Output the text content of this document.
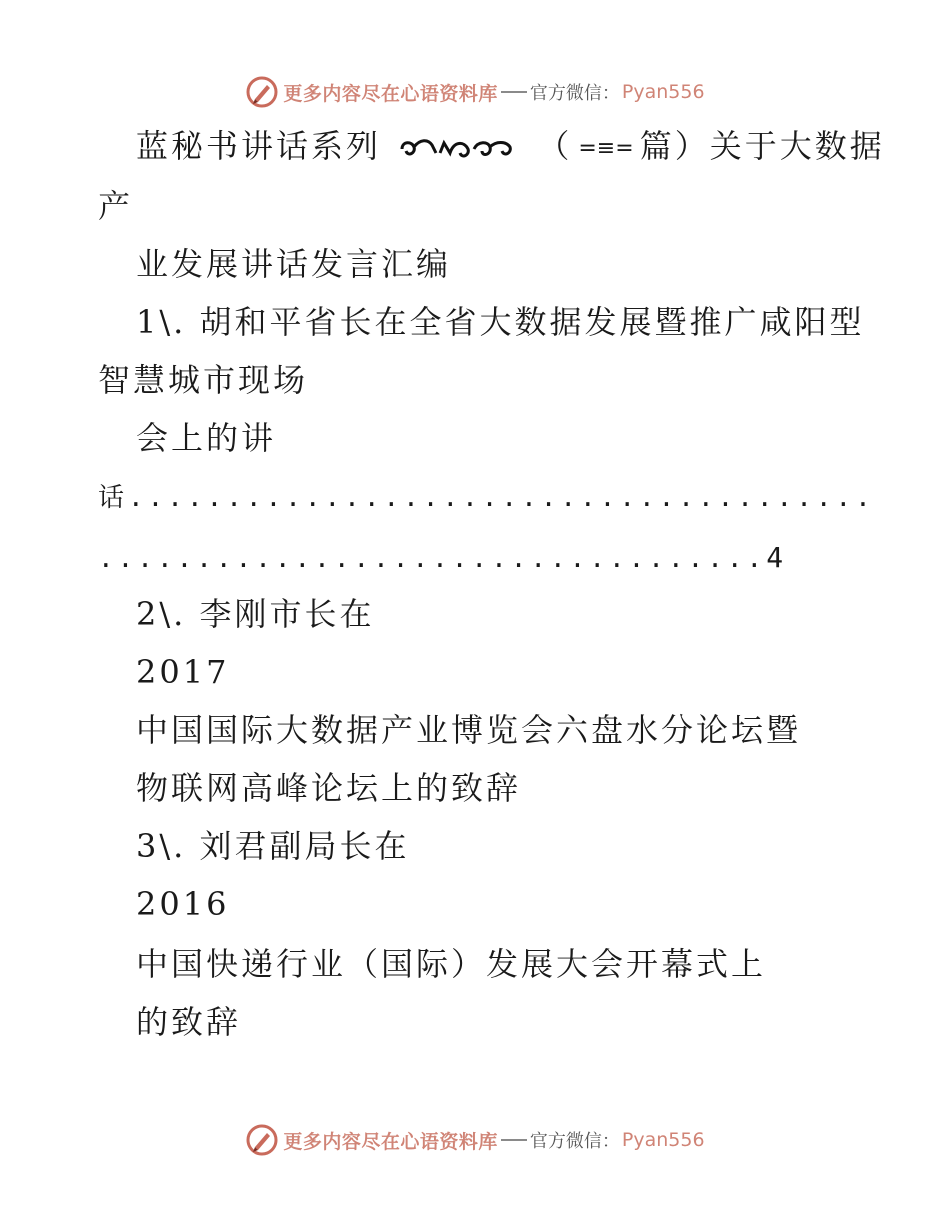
更多内容尽在心语资料库 官方微信： Pyan556
蓝秘书讲话系列	（ =≡= 篇）关于大数据
产
业发展讲话发言汇编
1\. 胡和平省长在全省大数据发展暨推广咸阳型
智慧城市现场
会上的讲
话......................................
..................................4
2\. 李刚市长在
2017
中国国际大数据产业博览会六盘水分论坛暨
物联网高峰论坛上的致辞
3\. 刘君副局长在
2016
中国快递行业（国际）发展大会开幕式上
的致辞
更多内容尽在心语资料库 官方微信： Pyan556
